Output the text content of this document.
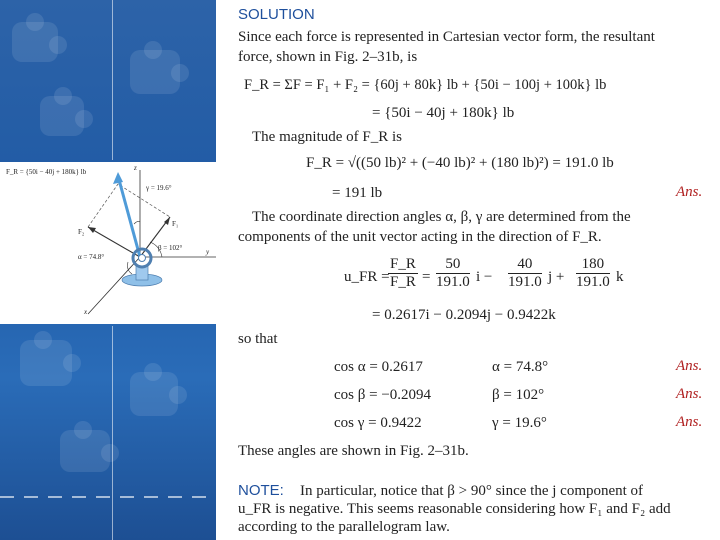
F_R = {50i − 40j + 180k} lb	z
γ = 19.6°
F₁
F₂
β = 102°
α = 74.8°
y
x
SOLUTION
Since each force is represented in Cartesian vector form, the resultant
force, shown in Fig. 2–31b, is
F_R = ΣF = F₁ + F₂ = {60j + 80k} lb + {50i − 100j + 100k} lb
= {50i − 40j + 180k} lb
The magnitude of F_R is
F_R = √((50 lb)² + (−40 lb)² + (180 lb)²) = 191.0 lb
= 191 lb	Ans.
The coordinate direction angles α, β, γ are determined from the
components of the unit vector acting in the direction of F_R.
u_FR =
$\frac{F\_R}{F\_R} = \frac{50}{191.0}$ $i - \frac{40}{191.0}$ $j + \frac{180}{191.0}$ k
= 0.2617i − 0.2094j − 0.9422k
so that
cos α = 0.2617	α = 74.8°	Ans.
cos β = −0.2094	β = 102°	Ans.
cos γ = 0.9422	γ = 19.6°	Ans.
These angles are shown in Fig. 2–31b.
NOTE: In particular, notice that β > 90° since the j component of
u_FR is negative. This seems reasonable considering how F₁ and F₂ add
according to the parallelogram law.
